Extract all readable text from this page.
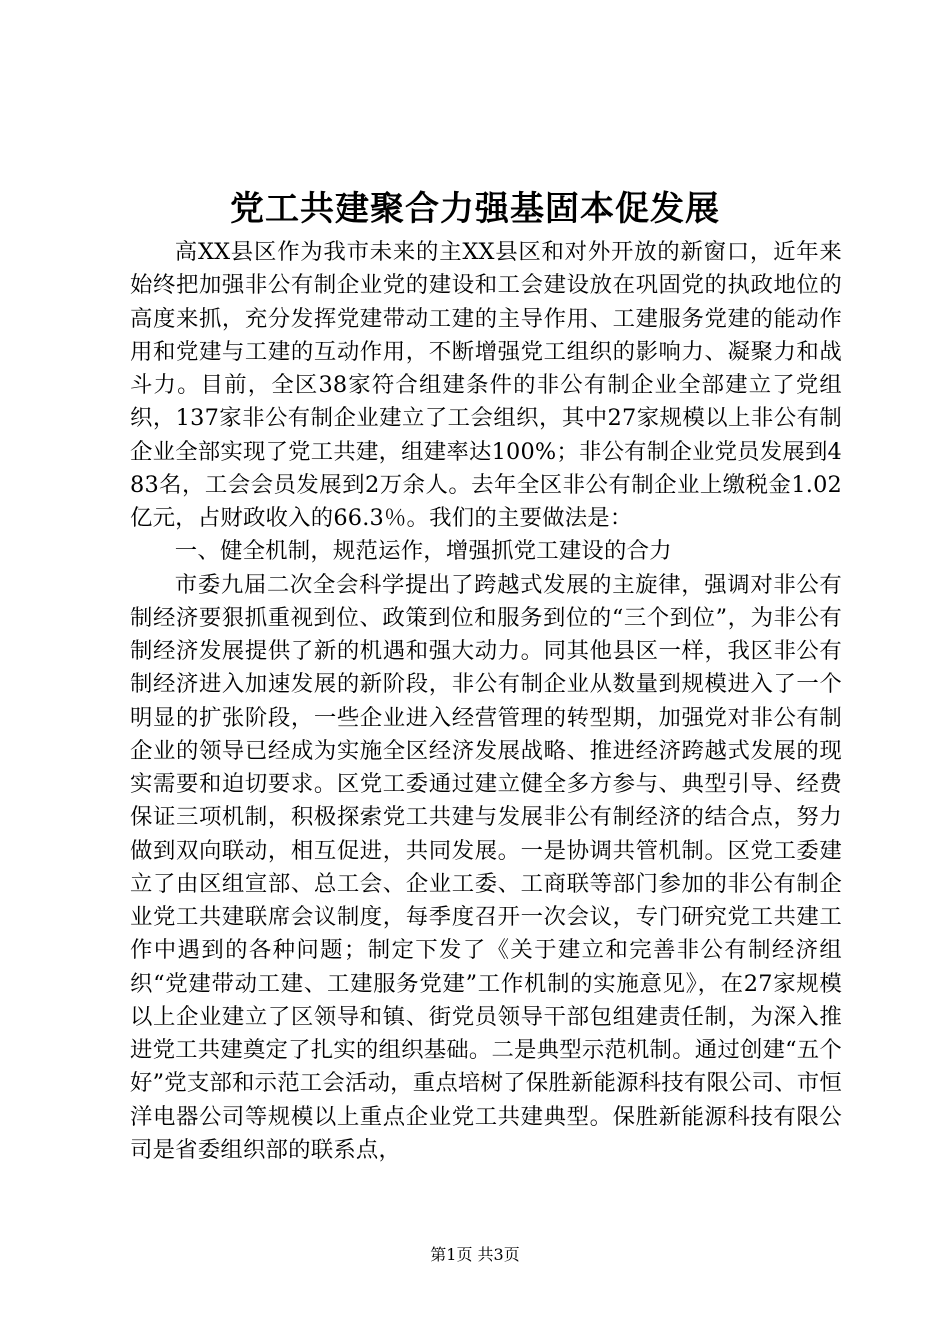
党工共建聚合力强基固本促发展

高XX县区作为我市未来的主XX县区和对外开放的新窗口，近年来始终把加强非公有制企业党的建设和工会建设放在巩固党的执政地位的高度来抓，充分发挥党建带动工建的主导作用、工建服务党建的能动作用和党建与工建的互动作用，不断增强党工组织的影响力、凝聚力和战斗力。目前，全区38家符合组建条件的非公有制企业全部建立了党组织，137家非公有制企业建立了工会组织，其中27家规模以上非公有制企业全部实现了党工共建，组建率达100%；非公有制企业党员发展到483名，工会会员发展到2万余人。去年全区非公有制企业上缴税金1.02亿元，占财政收入的66.3％。我们的主要做法是：

一、健全机制，规范运作，增强抓党工建设的合力

市委九届二次全会科学提出了跨越式发展的主旋律，强调对非公有制经济要狠抓重视到位、政策到位和服务到位的“三个到位”，为非公有制经济发展提供了新的机遇和强大动力。同其他县区一样，我区非公有制经济进入加速发展的新阶段，非公有制企业从数量到规模进入了一个明显的扩张阶段，一些企业进入经营管理的转型期，加强党对非公有制企业的领导已经成为实施全区经济发展战略、推进经济跨越式发展的现实需要和迫切要求。区党工委通过建立健全多方参与、典型引导、经费保证三项机制，积极探索党工共建与发展非公有制经济的结合点，努力做到双向联动，相互促进，共同发展。一是协调共管机制。区党工委建立了由区组宣部、总工会、企业工委、工商联等部门参加的非公有制企业党工共建联席会议制度，每季度召开一次会议，专门研究党工共建工作中遇到的各种问题；制定下发了《关于建立和完善非公有制经济组织“党建带动工建、工建服务党建”工作机制的实施意见》，在27家规模以上企业建立了区领导和镇、街党员领导干部包组建责任制，为深入推进党工共建奠定了扎实的组织基础。二是典型示范机制。通过创建“五个好”党支部和示范工会活动，重点培树了保胜新能源科技有限公司、市恒洋电器公司等规模以上重点企业党工共建典型。保胜新能源科技有限公司是省委组织部的联系点，

第1页 共3页
